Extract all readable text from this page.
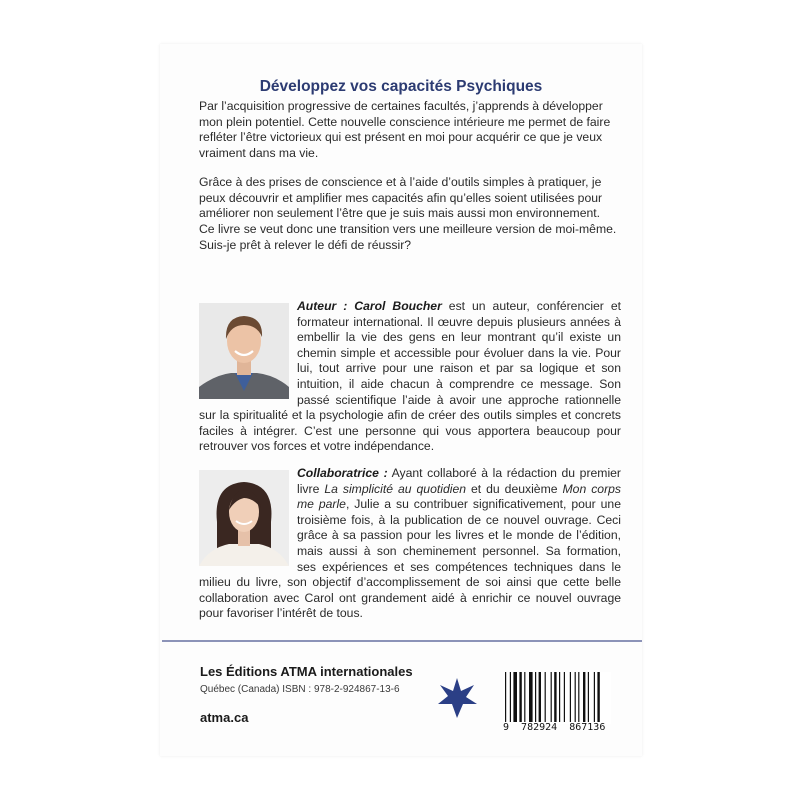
Développez vos capacités Psychiques

Par l’acquisition progressive de certaines facultés, j’apprends à développer mon plein potentiel. Cette nouvelle conscience intérieure me permet de faire refléter l’être victorieux qui est présent en moi pour acquérir ce que je veux vraiment dans ma vie.

Grâce à des prises de conscience et à l’aide d’outils simples à pratiquer, je peux découvrir et amplifier mes capacités afin qu’elles soient utilisées pour améliorer non seulement l’être que je suis mais aussi mon environnement. Ce livre se veut donc une transition vers une meilleure version de moi-même. Suis-je prêt à relever le défi de réussir?

Auteur : Carol Boucher est un auteur, conférencier et formateur international. Il œuvre depuis plusieurs années à embellir la vie des gens en leur montrant qu’il existe un chemin simple et accessible pour évoluer dans la vie. Pour lui, tout arrive pour une raison et par sa logique et son intuition, il aide chacun à comprendre ce message. Son passé scientifique l’aide à avoir une approche rationnelle sur la spiritualité et la psychologie afin de créer des outils simples et concrets faciles à intégrer. C’est une personne qui vous apportera beaucoup pour retrouver vos forces et votre indépendance.

Collaboratrice : Ayant collaboré à la rédaction du premier livre La simplicité au quotidien et du deuxième Mon corps me parle, Julie a su contribuer significativement, pour une troisième fois, à la publication de ce nouvel ouvrage. Ceci grâce à sa passion pour les livres et le monde de l’édition, mais aussi à son cheminement personnel. Sa formation, ses expériences et ses compétences techniques dans le milieu du livre, son objectif d’accomplissement de soi ainsi que cette belle collaboration avec Carol ont grandement aidé à enrichir ce nouvel ouvrage pour favoriser l’intérêt de tous.

Les Éditions ATMA internationales

Québec (Canada) ISBN : 978-2-924867-13-6

atma.ca

9  782924  867136
